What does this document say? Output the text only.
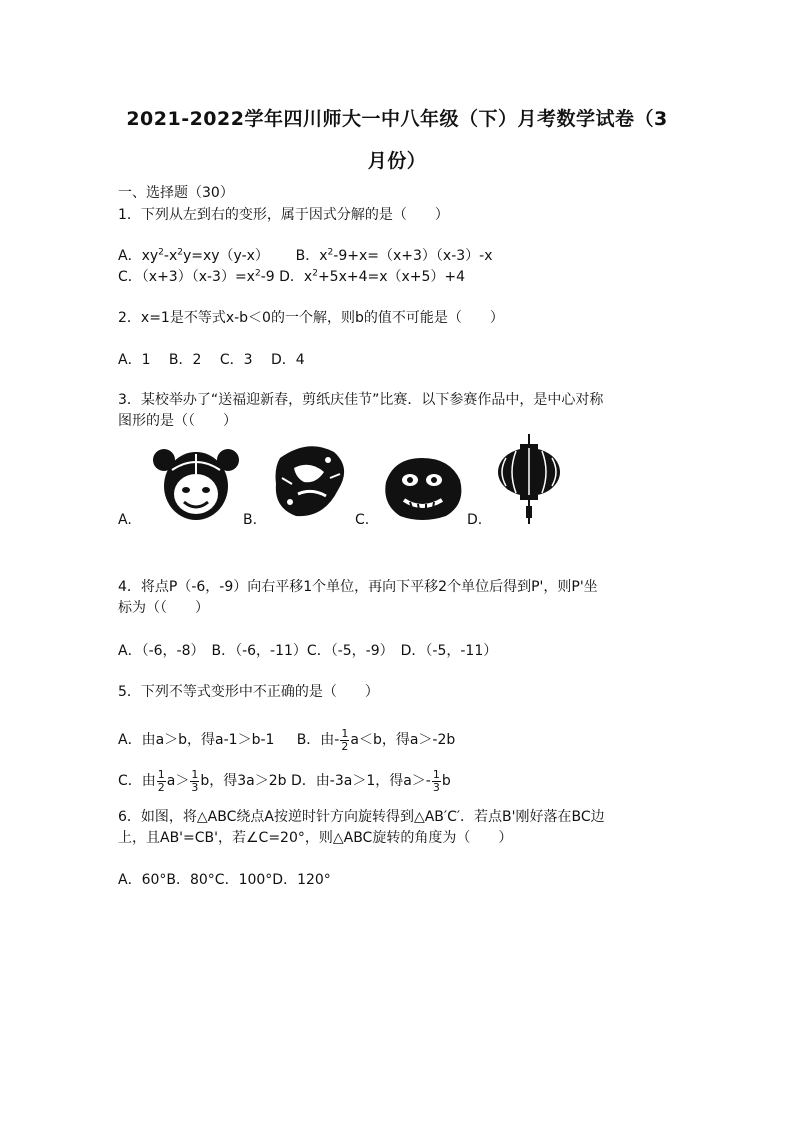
2021-2022学年四川师大一中八年级（下）月考数学试卷（3
月份）
一、选择题（30）
1．下列从左到右的变形，属于因式分解的是（　　）
A．$xy^2-x^2y=xy(y-x)$      B．$x^2-9+x=(x+3)(x-3)-x$
C．$(x+3)(x-3)=x^2-9$ D．$x^2+5x+4=x(x+5)+4$
2．x=1是不等式x-b＜0的一个解，则b的值不可能是（　　）
A．1　 B．2　 C．3　 D．4
3．某校举办了“送福迎新春，剪纸庆佳节”比赛．以下参赛作品中，是中心对称
图形的是（（　　）
A.	B.	C.	D.
4．将点P（-6，-9）向右平移1个单位，再向下平移2个单位后得到P'，则P'坐
标为（（　　）
A．（-6，-8）　B．（-6，-11）C．（-5，-9）　D．（-5，-11）
5．下列不等式变形中不正确的是（　　）
A．由a＞b，得a-1＞b-1 B．由- $\frac{1}{2} a<b$，得a＞-2b
C．由 $\frac{1}{2} a> \frac{1}{3}$ b，得3a＞2b D．由-3a＞1，得$a>- \frac{1}{3}$ b
6．如图，将△ABC绕点A按逆时针方向旋转得到△AB′C′．若点B'刚好落在BC边
上，且AB'=CB'，若∠C=20°，则△ABC旋转的角度为（　　）
A．60°B．80°C．100°D．120°
